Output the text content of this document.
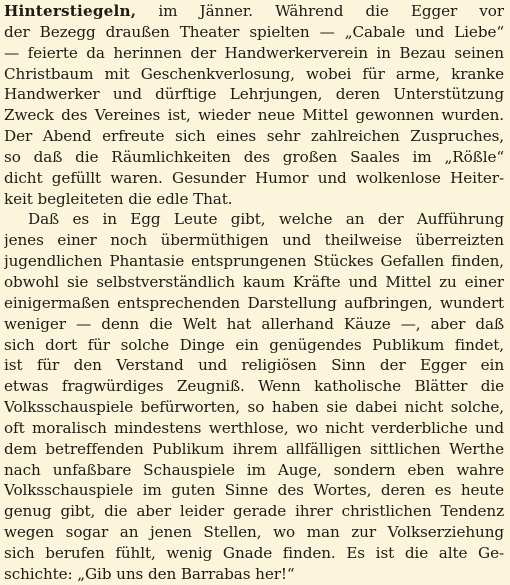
Hinterstiegeln, im Jänner. Während die Egger vor
der Bezegg draußen Theater spielten — „Cabale und Liebe“
— feierte da herinnen der Handwerkerverein in Bezau seinen
Christbaum mit Geschenkverlosung, wobei für arme, kranke
Handwerker und dürftige Lehrjungen, deren Unterstützung
Zweck des Vereines ist, wieder neue Mittel gewonnen wurden.
Der Abend erfreute sich eines sehr zahlreichen Zuspruches,
so daß die Räumlichkeiten des großen Saales im „Rößle“
dicht gefüllt waren. Gesunder Humor und wolkenlose Heiter-
keit begleiteten die edle That.
Daß es in Egg Leute gibt, welche an der Aufführung
jenes einer noch übermüthigen und theilweise überreizten
jugendlichen Phantasie entsprungenen Stückes Gefallen finden,
obwohl sie selbstverständlich kaum Kräfte und Mittel zu einer
einigermaßen entsprechenden Darstellung aufbringen, wundert
weniger — denn die Welt hat allerhand Käuze —, aber daß
sich dort für solche Dinge ein genügendes Publikum findet,
ist für den Verstand und religiösen Sinn der Egger ein
etwas fragwürdiges Zeugniß. Wenn katholische Blätter die
Volksschauspiele befürworten, so haben sie dabei nicht solche,
oft moralisch mindestens werthlose, wo nicht verderbliche und
dem betreffenden Publikum ihrem allfälligen sittlichen Werthe
nach unfaßbare Schauspiele im Auge, sondern eben wahre
Volksschauspiele im guten Sinne des Wortes, deren es heute
genug gibt, die aber leider gerade ihrer christlichen Tendenz
wegen sogar an jenen Stellen, wo man zur Volkserziehung
sich berufen fühlt, wenig Gnade finden. Es ist die alte Ge-
schichte: „Gib uns den Barrabas her!“
